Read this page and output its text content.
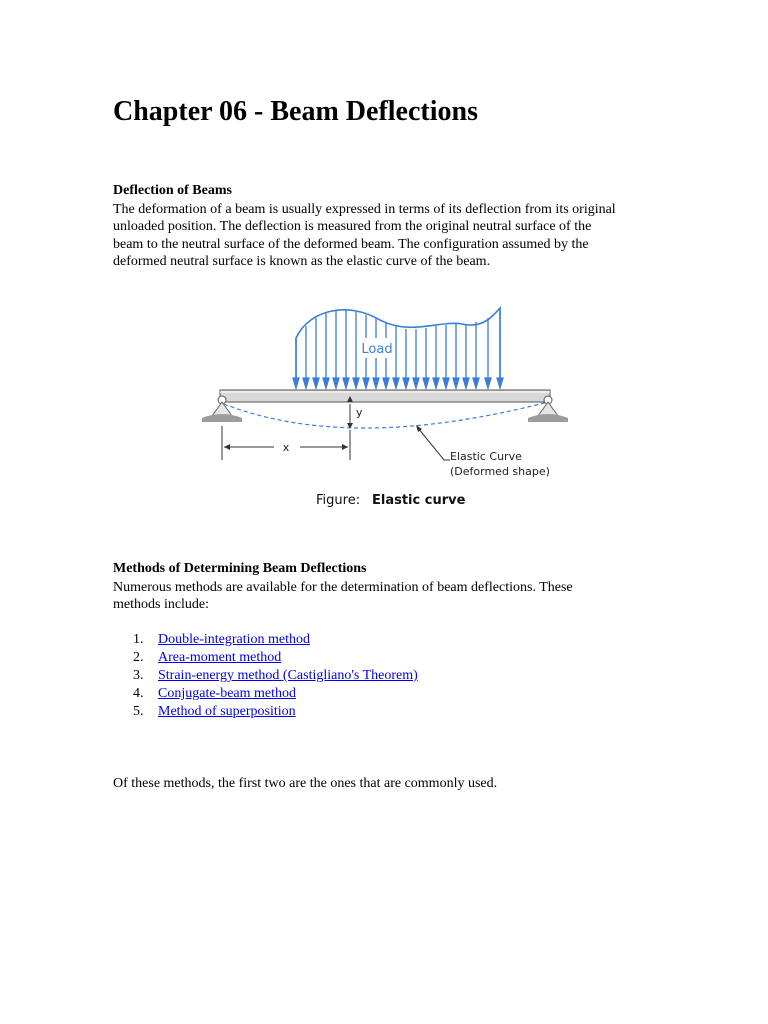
Chapter 06 - Beam Deflections
Deflection of Beams

The deformation of a beam is usually expressed in terms of its deflection from its original
unloaded position. The deflection is measured from the original neutral surface of the
beam to the neutral surface of the deformed beam. The configuration assumed by the
deformed neutral surface is known as the elastic curve of the beam.

Load
y
x
Elastic Curve
(Deformed shape)
Figure: Elastic curve
Methods of Determining Beam Deflections

Numerous methods are available for the determination of beam deflections. These
methods include:

1. Double-integration method
2. Area-moment method
3. Strain-energy method (Castigliano's Theorem)
4. Conjugate-beam method
5. Method of superposition

Of these methods, the first two are the ones that are commonly used.
